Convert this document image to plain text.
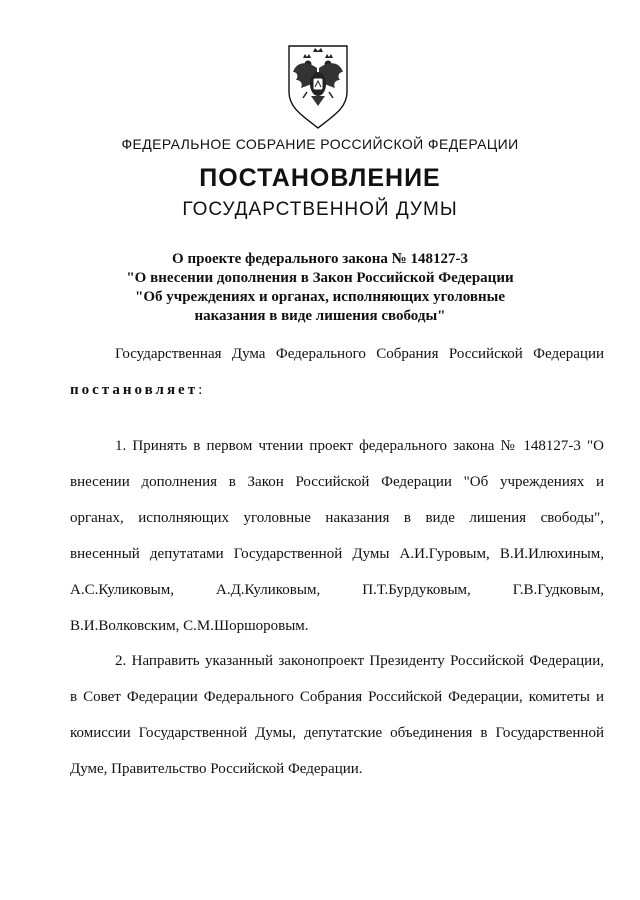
ФЕДЕРАЛЬНОЕ СОБРАНИЕ РОССИЙСКОЙ ФЕДЕРАЦИИ
ПОСТАНОВЛЕНИЕ
ГОСУДАРСТВЕННОЙ ДУМЫ
О проекте федерального закона № 148127-3
"О внесении дополнения в Закон Российской Федерации
"Об учреждениях и органах, исполняющих уголовные
наказания в виде лишения свободы"
Государственная Дума Федерального Собрания Российской Федерации
постановляет:
1. Принять в первом чтении проект федерального закона № 148127-3 "О
внесении дополнения в Закон Российской Федерации "Об учреждениях и
органах, исполняющих уголовные наказания в виде лишения свободы",
внесенный депутатами Государственной Думы А.И.Гуровым, В.И.Илюхиным,
А.С.Куликовым, А.Д.Куликовым, П.Т.Бурдуковым, Г.В.Гудковым,
В.И.Волковским, С.М.Шоршоровым.
2. Направить указанный законопроект Президенту Российской Федерации,
в Совет Федерации Федерального Собрания Российской Федерации, комитеты и
комиссии Государственной Думы, депутатские объединения в Государственной
Думе, Правительство Российской Федерации.
